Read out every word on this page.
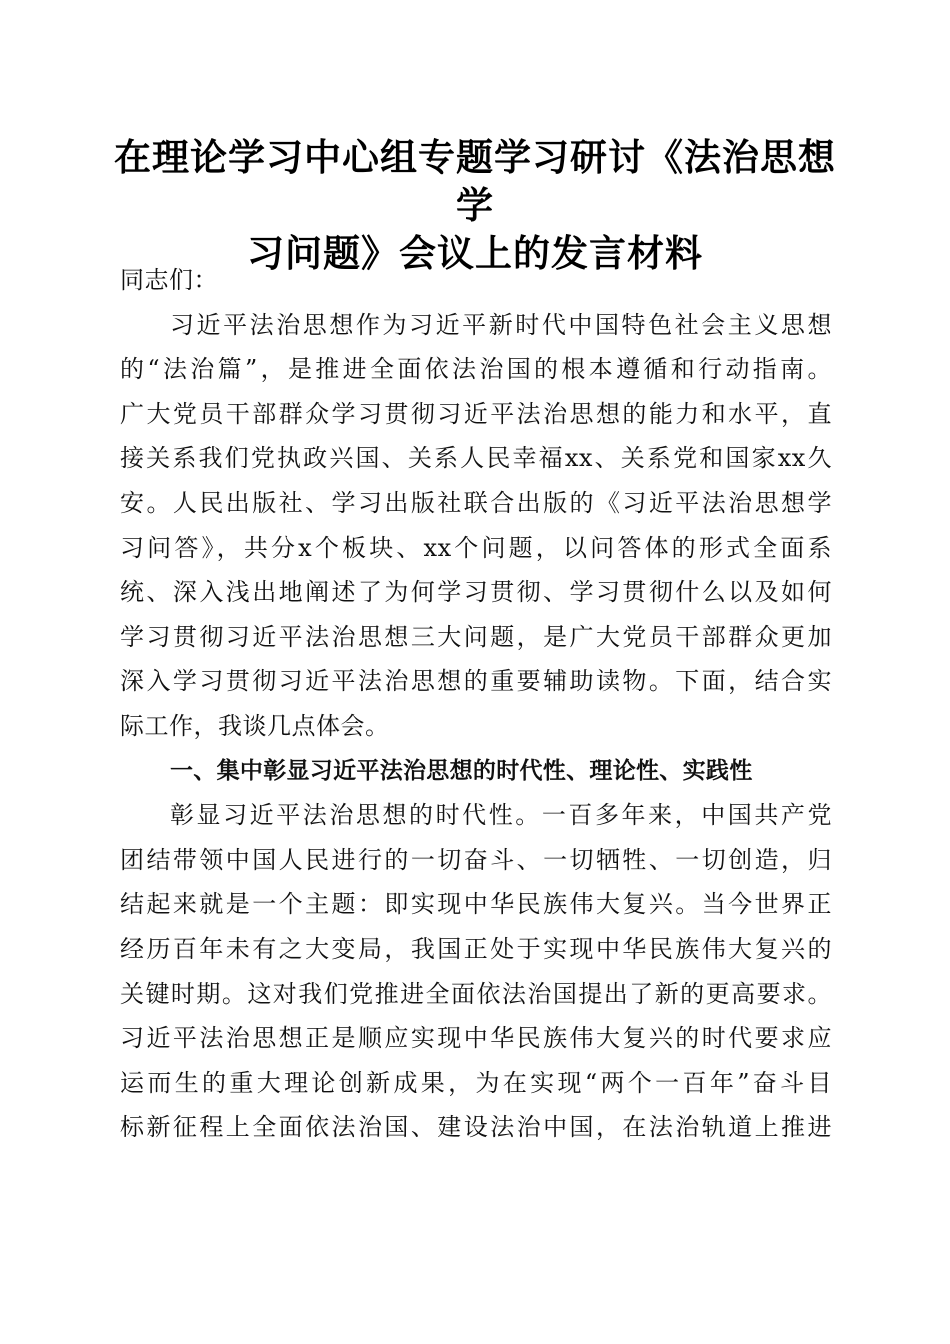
在理论学习中心组专题学习研讨《法治思想学
习问题》会议上的发言材料
同志们：
习近平法治思想作为习近平新时代中国特色社会主义思想
的“法治篇”，是推进全面依法治国的根本遵循和行动指南。
广大党员干部群众学习贯彻习近平法治思想的能力和水平，直
接关系我们党执政兴国、关系人民幸福xx、关系党和国家xx久
安。人民出版社、学习出版社联合出版的《习近平法治思想学
习问答》，共分x个板块、xx个问题，以问答体的形式全面系
统、深入浅出地阐述了为何学习贯彻、学习贯彻什么以及如何
学习贯彻习近平法治思想三大问题，是广大党员干部群众更加
深入学习贯彻习近平法治思想的重要辅助读物。下面，结合实
际工作，我谈几点体会。
一、集中彰显习近平法治思想的时代性、理论性、实践性
彰显习近平法治思想的时代性。一百多年来，中国共产党
团结带领中国人民进行的一切奋斗、一切牺牲、一切创造，归
结起来就是一个主题：即实现中华民族伟大复兴。当今世界正
经历百年未有之大变局，我国正处于实现中华民族伟大复兴的
关键时期。这对我们党推进全面依法治国提出了新的更高要求。
习近平法治思想正是顺应实现中华民族伟大复兴的时代要求应
运而生的重大理论创新成果，为在实现“两个一百年”奋斗目
标新征程上全面依法治国、建设法治中国，在法治轨道上推进
